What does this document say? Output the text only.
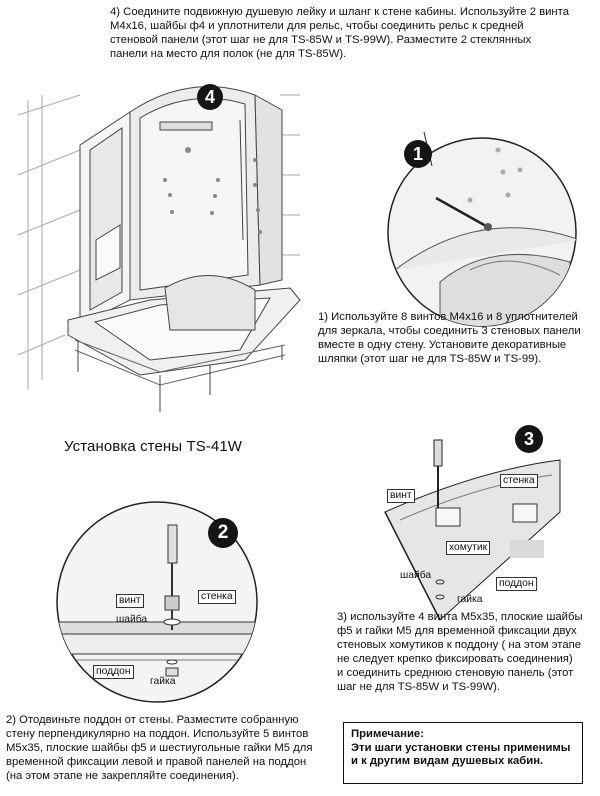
4) Соедините подвижную душевую лейку и шланг к стене кабины. Используйте 2 винта
M4x16, шайбы ф4 и уплотнители для рельс, чтобы соединить рельс к средней
стеновой панели (этот шаг не для TS-85W и TS-99W). Разместите 2 стеклянных
панели на место для полок (не для TS-85W).
4
1
3
2
1) Используйте 8 винтов M4x16 и 8 уплотнителей
для зеркала, чтобы соединить 3 стеновых панели
вместе в одну стену. Установите декоративные
шляпки (этот шаг не для TS-85W и TS-99).
Установка стены TS-41W
винт
стенка
хомутик
поддон
шайба
гайка
3) используйте 4 винта M5x35, плоские шайбы
ф5 и гайки М5 для временной фиксации двух
стеновых хомутиков к поддону ( на этом этапе
не следует крепко фиксировать соединения)
и соединить среднюю стеновую панель (этот
шаг не для TS-85W и TS-99W).
винт
шайба
стенка
поддон
гайка
2) Отодвиньте поддон от стены. Разместите собранную
стену перпендикулярно на поддон. Используйте 5 винтов
M5x35, плоские шайбы ф5 и шестиугольные гайки М5 для
временной фиксации левой и правой панелей на поддон
(на этом этапе не закрепляйте соединения).
Примечание:
Эти шаги установки стены применимы
и к другим видам душевых кабин.
